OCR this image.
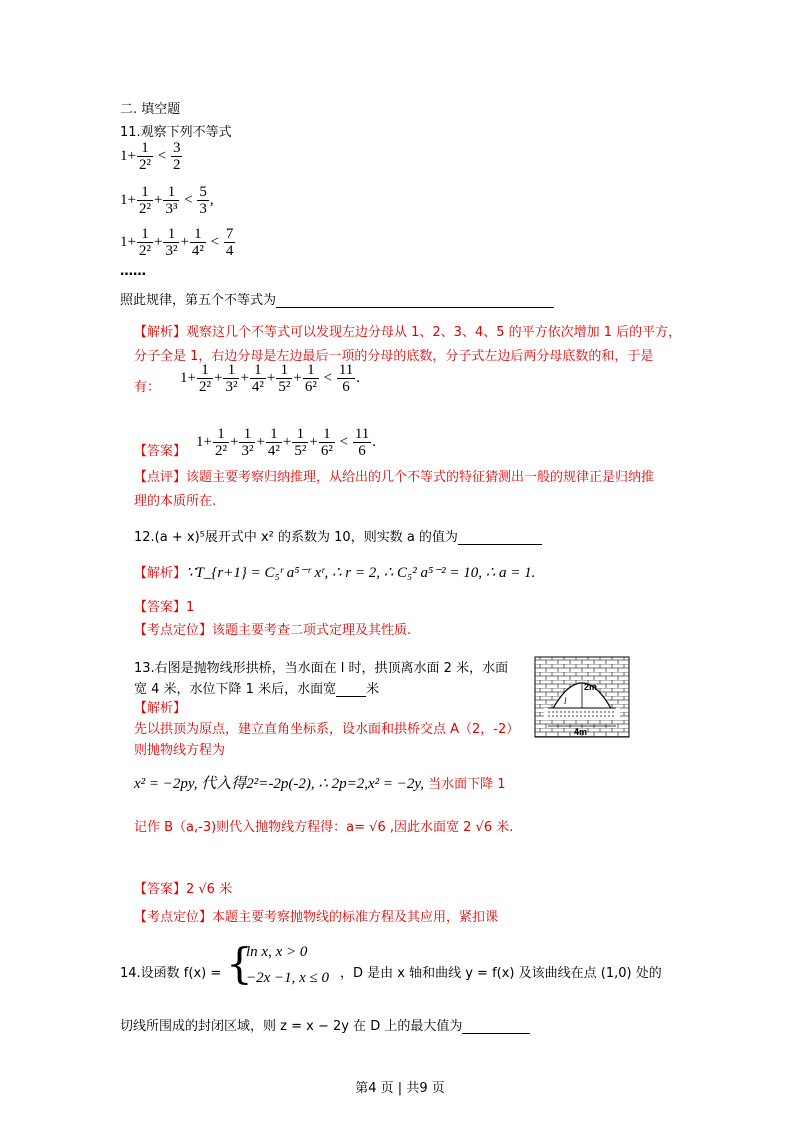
二. 填空题
11.观察下列不等式
$1+ \frac{1}{\text{2²}} < \frac{3}{2}$
$1+ \frac{1}{\text{2²}} + \frac{1}{\text{3³}} < \frac{5}{3}$ ,
$1+ \frac{1}{\text{2²}} + \frac{1}{\text{3²}} + \frac{1}{\text{4²}} < \frac{7}{4}$
……
照此规律，第五个不等式为
【解析】观察这几个不等式可以发现左边分母从 1、2、3、4、5 的平方依次增加 1 后的平方，
分子全是 1，右边分母是左边最后一项的分母的底数，分子式左边后两分母底数的和，于是
有：
$1+ \frac{1}{\text{2²}} + \frac{1}{\text{3²}} + \frac{1}{\text{4²}} + \frac{1}{\text{5²}} + \frac{1}{\text{6²}} < \frac{11}{6}$ .
【答案】
$1+ \frac{1}{\text{2²}} + \frac{1}{\text{3²}} + \frac{1}{\text{4²}} + \frac{1}{\text{5²}} + \frac{1}{\text{6²}} < \frac{11}{6}$ .
【点评】该题主要考察归纳推理，从给出的几个不等式的特征猜测出一般的规律正是归纳推
理的本质所在.
12.(a + x)⁵展开式中 x² 的系数为 10，则实数 a 的值为
【解析】∵T_{r+1} = C₅ʳ a⁵⁻ʳ xʳ, ∴ r = 2, ∴ C₅² a⁵⁻² = 10, ∴ a = 1.
【答案】1
【考点定位】该题主要考查二项式定理及其性质.
13.右图是抛物线形拱桥，当水面在 l 时，拱顶离水面 2 米，水面
宽 4 米，水位下降 1 米后，水面宽 米
【解析】
先以拱顶为原点，建立直角坐标系，设水面和拱桥交点 A（2，-2）
则抛物线方程为
x² = −2py, 代入得2²=-2p(-2), ∴ 2p=2,x² = −2y, 当水面下降 1
记作 B（a,-3)则代入抛物线方程得：a= √6 ,因此水面宽 2 √6 米.
【答案】2 √6 米
【考点定位】本题主要考察抛物线的标准方程及其应用，紧扣课
2m
l
4m
14.设函数 f(x) = {
ln x, x > 0
−2x −1, x ≤ 0 ，D 是由 x 轴和曲线 y = f(x) 及该曲线在点 (1,0) 处的
切线所围成的封闭区域，则 z = x − 2y 在 D 上的最大值为
第4 页 | 共9 页
